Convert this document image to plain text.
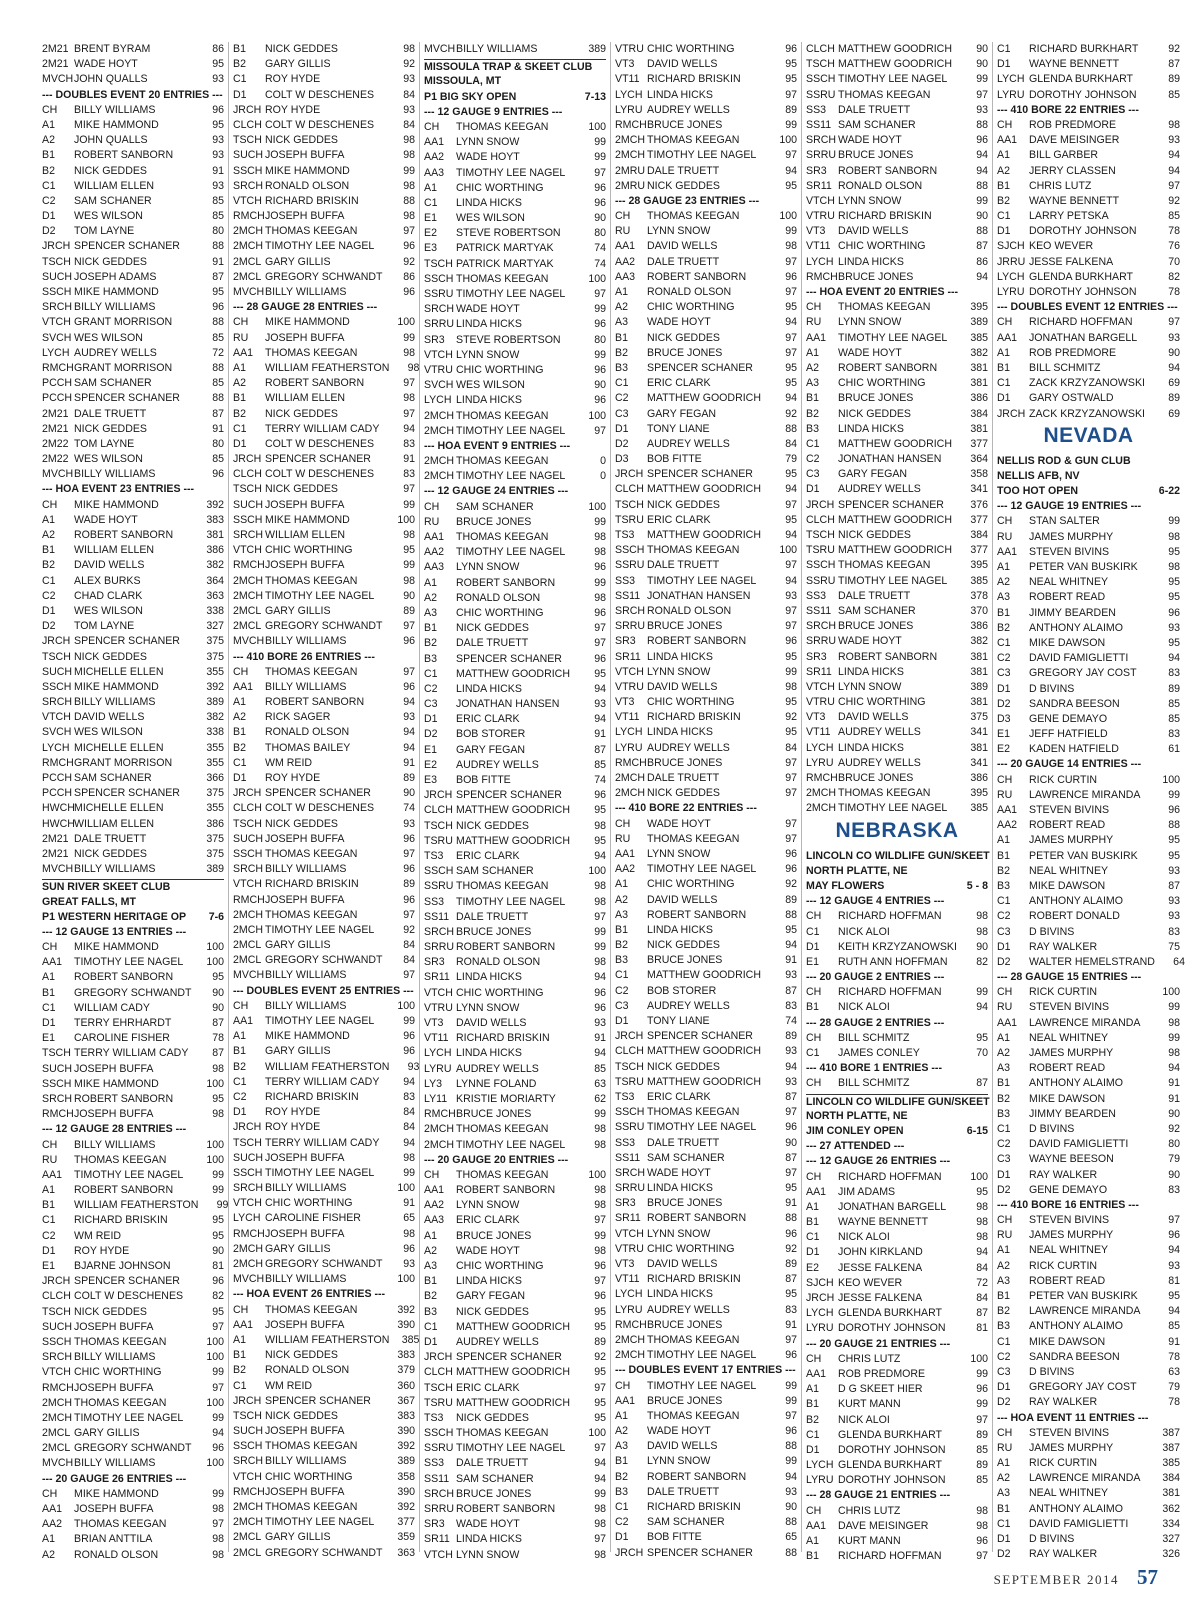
2M21 BRENT BYRAM	86
2M21 WADE HOYT	95
MVCH JOHN QUALLS	93
--- DOUBLES EVENT 20 ENTRIES ---
CH	BILLY WILLIAMS	96
A1	MIKE HAMMOND	95
A2	JOHN QUALLS	93
B1	ROBERT SANBORN	93
B2	NICK GEDDES	91
C1	WILLIAM ELLEN	93
C2	SAM SCHANER	85
D1	WES WILSON	85
D2	TOM LAYNE	80
JRCH SPENCER SCHANER	88
TSCH NICK GEDDES	91
SUCH JOSEPH ADAMS	87
SSCH MIKE HAMMOND	95
SRCH BILLY WILLIAMS	96
VTCH GRANT MORRISON	88
SVCH WES WILSON	85
LYCH AUDREY WELLS	72
RMCH GRANT MORRISON	88
PCCH SAM SCHANER	85
PCCH SPENCER SCHANER	88
2M21 DALE TRUETT	87
2M21 NICK GEDDES	91
2M22 TOM LAYNE	80
2M22 WES WILSON	85
MVCH BILLY WILLIAMS	96
--- HOA EVENT 23 ENTRIES ---
CH	MIKE HAMMOND	392
A1	WADE HOYT	383
A2	ROBERT SANBORN	381
B1	WILLIAM ELLEN	386
B2	DAVID WELLS	382
C1	ALEX BURKS	364
C2	CHAD CLARK	363
D1	WES WILSON	338
D2	TOM LAYNE	327
JRCH SPENCER SCHANER	375
TSCH NICK GEDDES	375
SUCH MICHELLE ELLEN	355
SSCH MIKE HAMMOND	392
SRCH BILLY WILLIAMS	389
VTCH DAVID WELLS	382
SVCH WES WILSON	338
LYCH MICHELLE ELLEN	355
RMCH GRANT MORRISON	355
PCCH SAM SCHANER	366
PCCH SPENCER SCHANER	375
HWCH MICHELLE ELLEN	355
HWCH WILLIAM ELLEN	386
2M21 DALE TRUETT	375
2M21 NICK GEDDES	375
MVCH BILLY WILLIAMS	389
SUN RIVER SKEET CLUB
GREAT FALLS, MT
P1 WESTERN HERITAGE OP	7-6
--- 12 GAUGE 13 ENTRIES ---
CH	MIKE HAMMOND	100
AA1	TIMOTHY LEE NAGEL	100
A1	ROBERT SANBORN	95
B1	GREGORY SCHWANDT	90
C1	WILLIAM CADY	90
D1	TERRY EHRHARDT	87
E1	CAROLINE FISHER	78
TSCH TERRY WILLIAM CADY	87
SUCH JOSEPH BUFFA	98
SSCH MIKE HAMMOND	100
SRCH ROBERT SANBORN	95
RMCH JOSEPH BUFFA	98
--- 12 GAUGE 28 ENTRIES ---
CH	BILLY WILLIAMS	100
RU	THOMAS KEEGAN	100
AA1	TIMOTHY LEE NAGEL	99
A1	ROBERT SANBORN	99
B1	WILLIAM FEATHERSTON	99
C1	RICHARD BRISKIN	95
C2	WM REID	95
D1	ROY HYDE	90
E1	BJARNE JOHNSON	81
JRCH SPENCER SCHANER	96
CLCH COLT W DESCHENES	82
TSCH NICK GEDDES	95
SUCH JOSEPH BUFFA	97
SSCH THOMAS KEEGAN	100
SRCH BILLY WILLIAMS	100
VTCH CHIC WORTHING	99
RMCH JOSEPH BUFFA	97
2MCH THOMAS KEEGAN	100
2MCH TIMOTHY LEE NAGEL	99
2MCL GARY GILLIS	94
2MCL GREGORY SCHWANDT	96
MVCH BILLY WILLIAMS	100
--- 20 GAUGE 26 ENTRIES ---
CH	MIKE HAMMOND	99
AA1	JOSEPH BUFFA	98
AA2	THOMAS KEEGAN	97
A1	BRIAN ANTTILA	98
A2	RONALD OLSON	98
B1	NICK GEDDES	98
B2	GARY GILLIS	92
C1	ROY HYDE	93
D1	COLT W DESCHENES	84
JRCH ROY HYDE	93
CLCH COLT W DESCHENES	84
TSCH NICK GEDDES	98
SUCH JOSEPH BUFFA	98
SSCH MIKE HAMMOND	99
SRCH RONALD OLSON	98
VTCH RICHARD BRISKIN	88
RMCH JOSEPH BUFFA	98
2MCH THOMAS KEEGAN	97
2MCH TIMOTHY LEE NAGEL	96
2MCL GARY GILLIS	92
2MCL GREGORY SCHWANDT	86
MVCH BILLY WILLIAMS	96
--- 28 GAUGE 28 ENTRIES ---
CH	MIKE HAMMOND	100
RU	JOSEPH BUFFA	99
AA1	THOMAS KEEGAN	98
A1	WILLIAM FEATHERSTON	98
A2	ROBERT SANBORN	97
B1	WILLIAM ELLEN	98
B2	NICK GEDDES	97
C1	TERRY WILLIAM CADY	94
D1	COLT W DESCHENES	83
JRCH SPENCER SCHANER	91
CLCH COLT W DESCHENES	83
TSCH NICK GEDDES	97
SUCH JOSEPH BUFFA	99
SSCH MIKE HAMMOND	100
SRCH WILLIAM ELLEN	98
VTCH CHIC WORTHING	95
RMCH JOSEPH BUFFA	99
2MCH THOMAS KEEGAN	98
2MCH TIMOTHY LEE NAGEL	90
2MCL GARY GILLIS	89
2MCL GREGORY SCHWANDT	97
MVCH BILLY WILLIAMS	96
--- 410 BORE 26 ENTRIES ---
CH	THOMAS KEEGAN	97
AA1	BILLY WILLIAMS	96
A1	ROBERT SANBORN	94
A2	RICK SAGER	93
B1	RONALD OLSON	94
B2	THOMAS BAILEY	94
C1	WM REID	91
D1	ROY HYDE	89
JRCH SPENCER SCHANER	90
CLCH COLT W DESCHENES	74
TSCH NICK GEDDES	93
SUCH JOSEPH BUFFA	96
SSCH THOMAS KEEGAN	97
SRCH BILLY WILLIAMS	96
VTCH RICHARD BRISKIN	89
RMCH JOSEPH BUFFA	96
2MCH THOMAS KEEGAN	97
2MCH TIMOTHY LEE NAGEL	92
2MCL GARY GILLIS	84
2MCL GREGORY SCHWANDT	84
MVCH BILLY WILLIAMS	97
--- DOUBLES EVENT 25 ENTRIES ---
CH	BILLY WILLIAMS	100
AA1	TIMOTHY LEE NAGEL	99
A1	MIKE HAMMOND	96
B1	GARY GILLIS	96
B2	WILLIAM FEATHERSTON	93
C1	TERRY WILLIAM CADY	94
C2	RICHARD BRISKIN	83
D1	ROY HYDE	84
JRCH ROY HYDE	84
TSCH TERRY WILLIAM CADY	94
SUCH JOSEPH BUFFA	98
SSCH TIMOTHY LEE NAGEL	99
SRCH BILLY WILLIAMS	100
VTCH CHIC WORTHING	91
LYCH CAROLINE FISHER	65
RMCH JOSEPH BUFFA	98
2MCH GARY GILLIS	96
2MCH GREGORY SCHWANDT	93
MVCH BILLY WILLIAMS	100
--- HOA EVENT 26 ENTRIES ---
CH	THOMAS KEEGAN	392
AA1	JOSEPH BUFFA	390
A1	WILLIAM FEATHERSTON	385
B1	NICK GEDDES	383
B2	RONALD OLSON	379
C1	WM REID	360
JRCH SPENCER SCHANER	367
TSCH NICK GEDDES	383
SUCH JOSEPH BUFFA	390
SSCH THOMAS KEEGAN	392
SRCH BILLY WILLIAMS	389
VTCH CHIC WORTHING	358
RMCH JOSEPH BUFFA	390
2MCH THOMAS KEEGAN	392
2MCH TIMOTHY LEE NAGEL	377
2MCL GARY GILLIS	359
2MCL GREGORY SCHWANDT	363
MVCH BILLY WILLIAMS	389
MISSOULA TRAP & SKEET CLUB
MISSOULA, MT
P1 BIG SKY OPEN	7-13
--- 12 GAUGE 9 ENTRIES ---
CH	THOMAS KEEGAN	100
AA1	LYNN SNOW	99
AA2	WADE HOYT	99
AA3	TIMOTHY LEE NAGEL	97
A1	CHIC WORTHING	96
C1	LINDA HICKS	96
E1	WES WILSON	90
E2	STEVE ROBERTSON	80
E3	PATRICK MARTYAK	74
TSCH PATRICK MARTYAK	74
SSCH THOMAS KEEGAN	100
SSRU TIMOTHY LEE NAGEL	97
SRCH WADE HOYT	99
SRRU LINDA HICKS	96
SR3	STEVE ROBERTSON	80
VTCH LYNN SNOW	99
VTRU CHIC WORTHING	96
SVCH WES WILSON	90
LYCH LINDA HICKS	96
2MCH THOMAS KEEGAN	100
2MCH TIMOTHY LEE NAGEL	97
--- HOA EVENT 9 ENTRIES ---
2MCH THOMAS KEEGAN	0
2MCH TIMOTHY LEE NAGEL	0
--- 12 GAUGE 24 ENTRIES ---
CH	SAM SCHANER	100
RU	BRUCE JONES	99
AA1	THOMAS KEEGAN	98
AA2	TIMOTHY LEE NAGEL	98
AA3	LYNN SNOW	96
A1	ROBERT SANBORN	99
A2	RONALD OLSON	98
A3	CHIC WORTHING	96
B1	NICK GEDDES	97
B2	DALE TRUETT	97
B3	SPENCER SCHANER	96
C1	MATTHEW GOODRICH	95
C2	LINDA HICKS	94
C3	JONATHAN HANSEN	93
D1	ERIC CLARK	94
D2	BOB STORER	91
E1	GARY FEGAN	87
E2	AUDREY WELLS	85
E3	BOB FITTE	74
JRCH SPENCER SCHANER	96
CLCH MATTHEW GOODRICH	95
TSCH NICK GEDDES	98
TSRU MATTHEW GOODRICH	95
TS3	ERIC CLARK	94
SSCH SAM SCHANER	100
SSRU THOMAS KEEGAN	98
SS3	TIMOTHY LEE NAGEL	98
SS11 DALE TRUETT	97
SRCH BRUCE JONES	99
SRRU ROBERT SANBORN	99
SR3	RONALD OLSON	98
SR11 LINDA HICKS	94
VTCH CHIC WORTHING	96
VTRU LYNN SNOW	96
VT3	DAVID WELLS	93
VT11 RICHARD BRISKIN	91
LYCH LINDA HICKS	94
LYRU AUDREY WELLS	85
LY3	LYNNE FOLAND	63
LY11 KRISTIE MORIARTY	62
RMCH BRUCE JONES	99
2MCH THOMAS KEEGAN	98
2MCH TIMOTHY LEE NAGEL	98
--- 20 GAUGE 20 ENTRIES ---
CH	THOMAS KEEGAN	100
AA1	ROBERT SANBORN	98
AA2	LYNN SNOW	98
AA3	ERIC CLARK	97
A1	BRUCE JONES	99
A2	WADE HOYT	98
A3	CHIC WORTHING	96
B1	LINDA HICKS	97
B2	GARY FEGAN	96
B3	NICK GEDDES	95
C1	MATTHEW GOODRICH	95
D1	AUDREY WELLS	89
JRCH SPENCER SCHANER	92
CLCH MATTHEW GOODRICH	95
TSCH ERIC CLARK	97
TSRU MATTHEW GOODRICH	95
TS3	NICK GEDDES	95
SSCH THOMAS KEEGAN	100
SSRU TIMOTHY LEE NAGEL	97
SS3	DALE TRUETT	94
SS11 SAM SCHANER	94
SRCH BRUCE JONES	99
SRRU ROBERT SANBORN	98
SR3	WADE HOYT	98
SR11 LINDA HICKS	97
VTCH LYNN SNOW	98
VTRU CHIC WORTHING	96
VT3	DAVID WELLS	95
VT11 RICHARD BRISKIN	95
LYCH LINDA HICKS	97
LYRU AUDREY WELLS	89
RMCH BRUCE JONES	99
2MCH THOMAS KEEGAN	100
2MCH TIMOTHY LEE NAGEL	97
2MRU DALE TRUETT	94
2MRU NICK GEDDES	95
--- 28 GAUGE 23 ENTRIES ---
CH	THOMAS KEEGAN	100
RU	LYNN SNOW	99
AA1	DAVID WELLS	98
AA2	DALE TRUETT	97
AA3	ROBERT SANBORN	96
A1	RONALD OLSON	97
A2	CHIC WORTHING	95
A3	WADE HOYT	94
B1	NICK GEDDES	97
B2	BRUCE JONES	97
B3	SPENCER SCHANER	95
C1	ERIC CLARK	95
C2	MATTHEW GOODRICH	94
C3	GARY FEGAN	92
D1	TONY LIANE	88
D2	AUDREY WELLS	84
D3	BOB FITTE	79
JRCH SPENCER SCHANER	95
CLCH MATTHEW GOODRICH	94
TSCH NICK GEDDES	97
TSRU ERIC CLARK	95
TS3	MATTHEW GOODRICH	94
SSCH THOMAS KEEGAN	100
SSRU DALE TRUETT	97
SS3	TIMOTHY LEE NAGEL	94
SS11 JONATHAN HANSEN	93
SRCH RONALD OLSON	97
SRRU BRUCE JONES	97
SR3	ROBERT SANBORN	96
SR11 LINDA HICKS	95
VTCH LYNN SNOW	99
VTRU DAVID WELLS	98
VT3	CHIC WORTHING	95
VT11 RICHARD BRISKIN	92
LYCH LINDA HICKS	95
LYRU AUDREY WELLS	84
RMCH BRUCE JONES	97
2MCH DALE TRUETT	97
2MCH NICK GEDDES	97
--- 410 BORE 22 ENTRIES ---
CH	WADE HOYT	97
RU	THOMAS KEEGAN	97
AA1	LYNN SNOW	96
AA2	TIMOTHY LEE NAGEL	96
A1	CHIC WORTHING	92
A2	DAVID WELLS	89
A3	ROBERT SANBORN	88
B1	LINDA HICKS	95
B2	NICK GEDDES	94
B3	BRUCE JONES	91
C1	MATTHEW GOODRICH	93
C2	BOB STORER	87
C3	AUDREY WELLS	83
D1	TONY LIANE	74
JRCH SPENCER SCHANER	89
CLCH MATTHEW GOODRICH	93
TSCH NICK GEDDES	94
TSRU MATTHEW GOODRICH	93
TS3	ERIC CLARK	87
SSCH THOMAS KEEGAN	97
SSRU TIMOTHY LEE NAGEL	96
SS3	DALE TRUETT	90
SS11 SAM SCHANER	87
SRCH WADE HOYT	97
SRRU LINDA HICKS	95
SR3	BRUCE JONES	91
SR11 ROBERT SANBORN	88
VTCH LYNN SNOW	96
VTRU CHIC WORTHING	92
VT3	DAVID WELLS	89
VT11 RICHARD BRISKIN	87
LYCH LINDA HICKS	95
LYRU AUDREY WELLS	83
RMCH BRUCE JONES	91
2MCH THOMAS KEEGAN	97
2MCH TIMOTHY LEE NAGEL	96
--- DOUBLES EVENT 17 ENTRIES ---
CH	TIMOTHY LEE NAGEL	99
AA1	BRUCE JONES	99
A1	THOMAS KEEGAN	97
A2	WADE HOYT	96
A3	DAVID WELLS	88
B1	LYNN SNOW	99
B2	ROBERT SANBORN	94
B3	DALE TRUETT	93
C1	RICHARD BRISKIN	90
C2	SAM SCHANER	88
D1	BOB FITTE	65
JRCH SPENCER SCHANER	88
CLCH MATTHEW GOODRICH	90
TSCH MATTHEW GOODRICH	90
SSCH TIMOTHY LEE NAGEL	99
SSRU THOMAS KEEGAN	97
SS3	DALE TRUETT	93
SS11 SAM SCHANER	88
SRCH WADE HOYT	96
SRRU BRUCE JONES	94
SR3	ROBERT SANBORN	94
SR11 RONALD OLSON	88
VTCH LYNN SNOW	99
VTRU RICHARD BRISKIN	90
VT3	DAVID WELLS	88
VT11 CHIC WORTHING	87
LYCH LINDA HICKS	86
RMCH BRUCE JONES	94
--- HOA EVENT 20 ENTRIES ---
CH	THOMAS KEEGAN	395
RU	LYNN SNOW	389
AA1	TIMOTHY LEE NAGEL	385
A1	WADE HOYT	382
A2	ROBERT SANBORN	381
A3	CHIC WORTHING	381
B1	BRUCE JONES	386
B2	NICK GEDDES	384
B3	LINDA HICKS	381
C1	MATTHEW GOODRICH	377
C2	JONATHAN HANSEN	364
C3	GARY FEGAN	358
D1	AUDREY WELLS	341
JRCH SPENCER SCHANER	376
CLCH MATTHEW GOODRICH	377
TSCH NICK GEDDES	384
TSRU MATTHEW GOODRICH	377
SSCH THOMAS KEEGAN	395
SSRU TIMOTHY LEE NAGEL	385
SS3	DALE TRUETT	378
SS11 SAM SCHANER	370
SRCH BRUCE JONES	386
SRRU WADE HOYT	382
SR3	ROBERT SANBORN	381
SR11 LINDA HICKS	381
VTCH LYNN SNOW	389
VTRU CHIC WORTHING	381
VT3	DAVID WELLS	375
VT11 AUDREY WELLS	341
LYCH LINDA HICKS	381
LYRU AUDREY WELLS	341
RMCH BRUCE JONES	386
2MCH THOMAS KEEGAN	395
2MCH TIMOTHY LEE NAGEL	385
NEBRASKA
LINCOLN CO WILDLIFE GUN/SKEET
NORTH PLATTE, NE
MAY FLOWERS	5 - 8
--- 12 GAUGE 4 ENTRIES ---
CH	RICHARD HOFFMAN	98
C1	NICK ALOI	98
D1	KEITH KRZYZANOWSKI	90
E1	RUTH ANN HOFFMAN	82
--- 20 GAUGE 2 ENTRIES ---
CH	RICHARD HOFFMAN	99
B1	NICK ALOI	94
--- 28 GAUGE 2 ENTRIES ---
CH	BILL SCHMITZ	95
C1	JAMES CONLEY	70
--- 410 BORE 1 ENTRIES ---
CH	BILL SCHMITZ	87
LINCOLN CO WILDLIFE GUN/SKEET
NORTH PLATTE, NE
JIM CONLEY OPEN	6-15
--- 27 ATTENDED ---
--- 12 GAUGE 26 ENTRIES ---
CH	RICHARD HOFFMAN	100
AA1	JIM ADAMS	95
A1	JONATHAN BARGELL	98
B1	WAYNE BENNETT	98
C1	NICK ALOI	98
D1	JOHN KIRKLAND	94
E2	JESSE FALKENA	84
SJCH KEO WEVER	72
JRCH JESSE FALKENA	84
LYCH GLENDA BURKHART	87
LYRU DOROTHY JOHNSON	81
--- 20 GAUGE 21 ENTRIES ---
CH	CHRIS LUTZ	100
AA1	ROB PREDMORE	99
A1	D G SKEET HIER	96
B1	KURT MANN	99
B2	NICK ALOI	97
C1	GLENDA BURKHART	89
D1	DOROTHY JOHNSON	85
LYCH GLENDA BURKHART	89
LYRU DOROTHY JOHNSON	85
--- 28 GAUGE 21 ENTRIES ---
CH	CHRIS LUTZ	98
AA1	DAVE MEISINGER	98
A1	KURT MANN	96
B1	RICHARD HOFFMAN	97
C1	RICHARD BURKHART	92
D1	WAYNE BENNETT	87
LYCH GLENDA BURKHART	89
LYRU DOROTHY JOHNSON	85
--- 410 BORE 22 ENTRIES ---
CH	ROB PREDMORE	98
AA1	DAVE MEISINGER	93
A1	BILL GARBER	94
A2	JERRY CLASSEN	94
B1	CHRIS LUTZ	97
B2	WAYNE BENNETT	92
C1	LARRY PETSKA	85
D1	DOROTHY JOHNSON	78
SJCH KEO WEVER	76
JRRU JESSE FALKENA	70
LYCH GLENDA BURKHART	82
LYRU DOROTHY JOHNSON	78
--- DOUBLES EVENT 12 ENTRIES ---
CH	RICHARD HOFFMAN	97
AA1	JONATHAN BARGELL	93
A1	ROB PREDMORE	90
B1	BILL SCHMITZ	94
C1	ZACK KRZYZANOWSKI	69
D1	GARY OSTWALD	89
JRCH ZACK KRZYZANOWSKI	69
NEVADA
NELLIS ROD & GUN CLUB
NELLIS AFB, NV
TOO HOT OPEN	6-22
--- 12 GAUGE 19 ENTRIES ---
CH	STAN SALTER	99
RU	JAMES MURPHY	98
AA1	STEVEN BIVINS	95
A1	PETER VAN BUSKIRK	98
A2	NEAL WHITNEY	95
A3	ROBERT READ	95
B1	JIMMY BEARDEN	96
B2	ANTHONY ALAIMO	93
C1	MIKE DAWSON	95
C2	DAVID FAMIGLIETTI	94
C3	GREGORY JAY COST	83
D1	D BIVINS	89
D2	SANDRA BEESON	85
D3	GENE DEMAYO	85
E1	JEFF HATFIELD	83
E2	KADEN HATFIELD	61
--- 20 GAUGE 14 ENTRIES ---
CH	RICK CURTIN	100
RU	LAWRENCE MIRANDA	99
AA1	STEVEN BIVINS	96
AA2	ROBERT READ	88
A1	JAMES MURPHY	95
B1	PETER VAN BUSKIRK	95
B2	NEAL WHITNEY	93
B3	MIKE DAWSON	87
C1	ANTHONY ALAIMO	93
C2	ROBERT DONALD	93
C3	D BIVINS	83
D1	RAY WALKER	75
D2	WALTER HEMELSTRAND	64
--- 28 GAUGE 15 ENTRIES ---
CH	RICK CURTIN	100
RU	STEVEN BIVINS	99
AA1	LAWRENCE MIRANDA	98
A1	NEAL WHITNEY	99
A2	JAMES MURPHY	98
A3	ROBERT READ	94
B1	ANTHONY ALAIMO	91
B2	MIKE DAWSON	91
B3	JIMMY BEARDEN	90
C1	D BIVINS	92
C2	DAVID FAMIGLIETTI	80
C3	WAYNE BEESON	79
D1	RAY WALKER	90
D2	GENE DEMAYO	83
--- 410 BORE 16 ENTRIES ---
CH	STEVEN BIVINS	97
RU	JAMES MURPHY	96
A1	NEAL WHITNEY	94
A2	RICK CURTIN	93
A3	ROBERT READ	81
B1	PETER VAN BUSKIRK	95
B2	LAWRENCE MIRANDA	94
B3	ANTHONY ALAIMO	85
C1	MIKE DAWSON	91
C2	SANDRA BEESON	78
C3	D BIVINS	63
D1	GREGORY JAY COST	79
D2	RAY WALKER	78
--- HOA EVENT 11 ENTRIES ---
CH	STEVEN BIVINS	387
RU	JAMES MURPHY	387
A1	RICK CURTIN	385
A2	LAWRENCE MIRANDA	384
A3	NEAL WHITNEY	381
B1	ANTHONY ALAIMO	362
C1	DAVID FAMIGLIETTI	334
D1	D BIVINS	327
D2	RAY WALKER	326
SEPTEMBER 2014 57
